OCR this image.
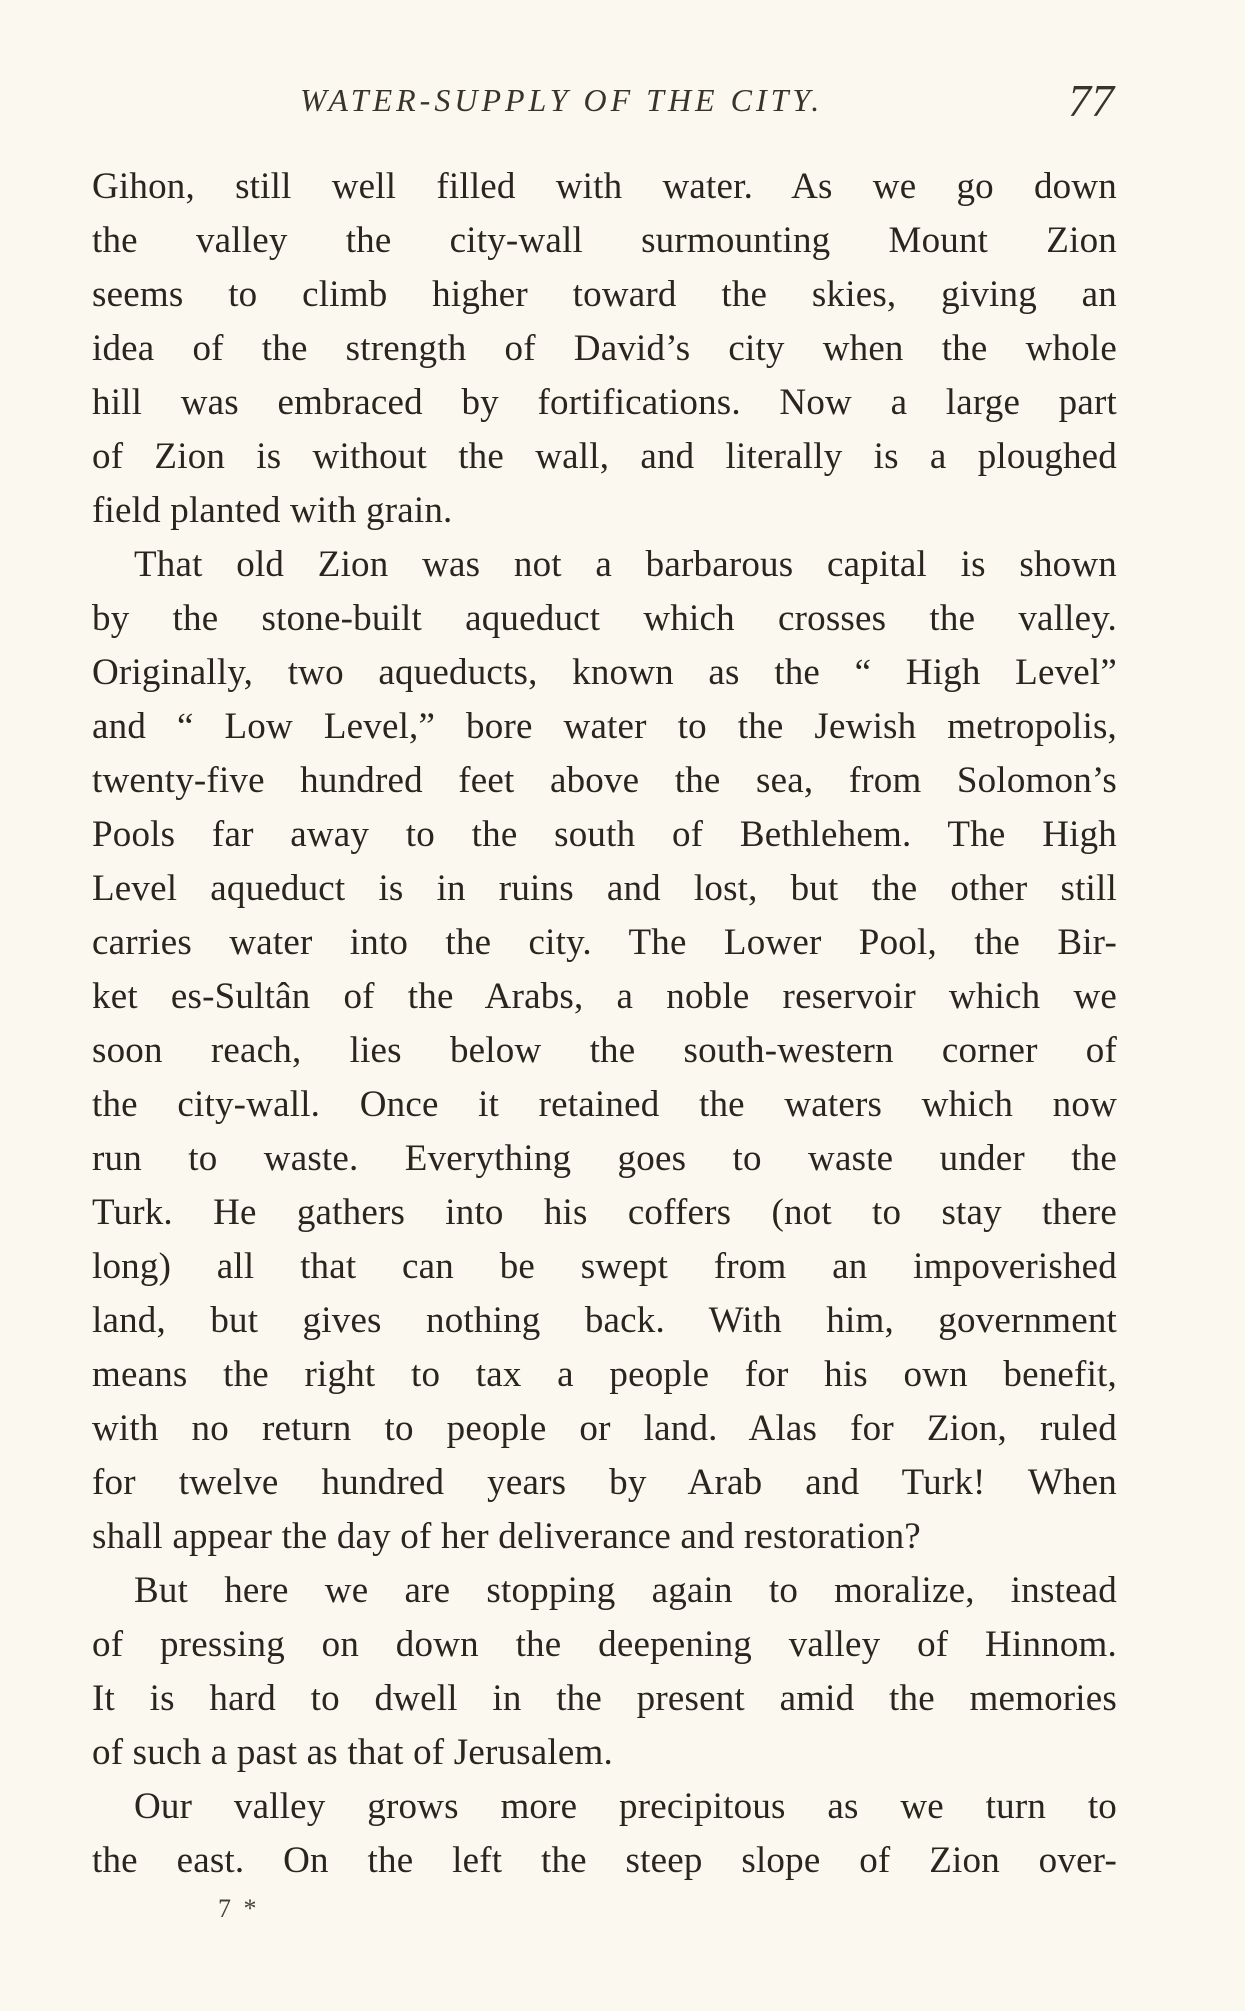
WATER-SUPPLY OF THE CITY.	77
Gihon, still well filled with water. As we go down
the valley the city-wall surmounting Mount Zion
seems to climb higher toward the skies, giving an
idea of the strength of David’s city when the whole
hill was embraced by fortifications. Now a large part
of Zion is without the wall, and literally is a ploughed
field planted with grain.
That old Zion was not a barbarous capital is shown
by the stone-built aqueduct which crosses the valley.
Originally, two aqueducts, known as the “ High Level”
and “ Low Level,” bore water to the Jewish metropolis,
twenty-five hundred feet above the sea, from Solomon’s
Pools far away to the south of Bethlehem. The High
Level aqueduct is in ruins and lost, but the other still
carries water into the city. The Lower Pool, the Bir-
ket es-Sultân of the Arabs, a noble reservoir which we
soon reach, lies below the south-western corner of
the city-wall. Once it retained the waters which now
run to waste. Everything goes to waste under the
Turk. He gathers into his coffers (not to stay there
long) all that can be swept from an impoverished
land, but gives nothing back. With him, government
means the right to tax a people for his own benefit,
with no return to people or land. Alas for Zion, ruled
for twelve hundred years by Arab and Turk! When
shall appear the day of her deliverance and restoration?
But here we are stopping again to moralize, instead
of pressing on down the deepening valley of Hinnom.
It is hard to dwell in the present amid the memories
of such a past as that of Jerusalem.
Our valley grows more precipitous as we turn to
the east. On the left the steep slope of Zion over-
7 *
